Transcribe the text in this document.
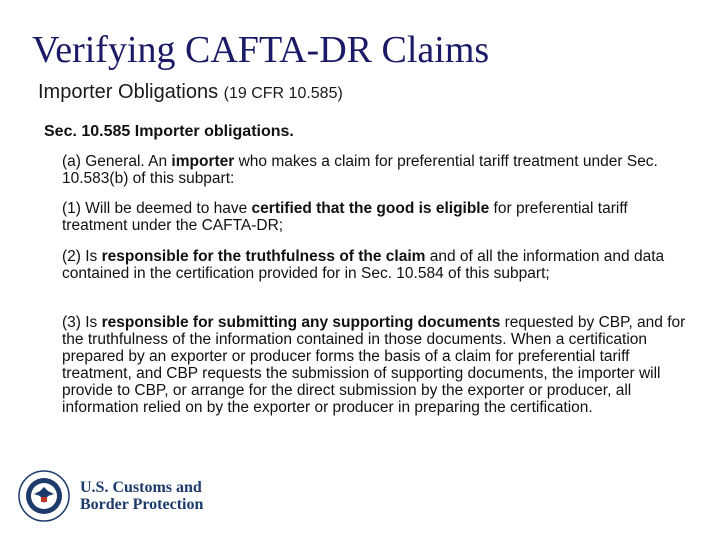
Verifying CAFTA-DR Claims
Importer Obligations (19 CFR 10.585)
Sec. 10.585 Importer obligations.

(a) General. An importer who makes a claim for preferential tariff treatment under Sec. 10.583(b) of this subpart:

(1) Will be deemed to have certified that the good is eligible for preferential tariff treatment under the CAFTA-DR;

(2) Is responsible for the truthfulness of the claim and of all the information and data contained in the certification provided for in Sec. 10.584 of this subpart;

(3) Is responsible for submitting any supporting documents requested by CBP, and for the truthfulness of the information contained in those documents. When a certification prepared by an exporter or producer forms the basis of a claim for preferential tariff treatment, and CBP requests the submission of supporting documents, the importer will provide to CBP, or arrange for the direct submission by the exporter or producer, all information relied on by the exporter or producer in preparing the certification.

U.S. Customs and
Border Protection
